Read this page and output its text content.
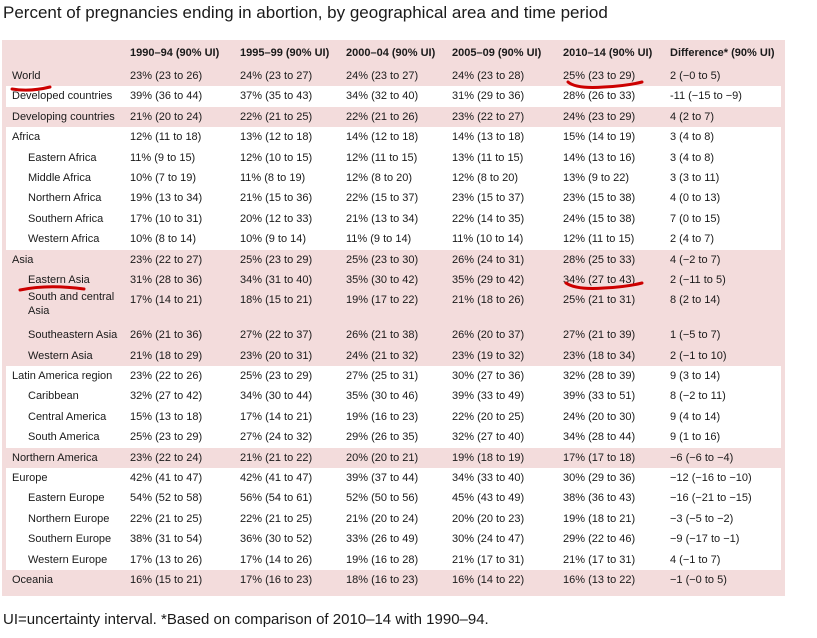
Percent of pregnancies ending in abortion, by geographical area and time period
	1990–94 (90% UI)	1995–99 (90% UI)	2000–04 (90% UI)	2005–09 (90% UI)	2010–14 (90% UI)	Difference* (90% UI)
World	23% (23 to 26)	24% (23 to 27)	24% (23 to 27)	24% (23 to 28)	25% (23 to 29)	2 (−0 to 5)
Developed countries	39% (36 to 44)	37% (35 to 43)	34% (32 to 40)	31% (29 to 36)	28% (26 to 33)	-11 (−15 to −9)
Developing countries	21% (20 to 24)	22% (21 to 25)	22% (21 to 26)	23% (22 to 27)	24% (23 to 29)	4 (2 to 7)
Africa	12% (11 to 18)	13% (12 to 18)	14% (12 to 18)	14% (13 to 18)	15% (14 to 19)	3 (4 to 8)
Eastern Africa	11% (9 to 15)	12% (10 to 15)	12% (11 to 15)	13% (11 to 15)	14% (13 to 16)	3 (4 to 8)
Middle Africa	10% (7 to 19)	11% (8 to 19)	12% (8 to 20)	12% (8 to 20)	13% (9 to 22)	3 (3 to 11)
Northern Africa	19% (13 to 34)	21% (15 to 36)	22% (15 to 37)	23% (15 to 37)	23% (15 to 38)	4 (0 to 13)
Southern Africa	17% (10 to 31)	20% (12 to 33)	21% (13 to 34)	22% (14 to 35)	24% (15 to 38)	7 (0 to 15)
Western Africa	10% (8 to 14)	10% (9 to 14)	11% (9 to 14)	11% (10 to 14)	12% (11 to 15)	2 (4 to 7)
Asia	23% (22 to 27)	25% (23 to 29)	25% (23 to 30)	26% (24 to 31)	28% (25 to 33)	4 (−2 to 7)
Eastern Asia	31% (28 to 36)	34% (31 to 40)	35% (30 to 42)	35% (29 to 42)	34% (27 to 43)	2 (−11 to 5)
South and central Asia	17% (14 to 21)	18% (15 to 21)	19% (17 to 22)	21% (18 to 26)	25% (21 to 31)	8 (2 to 14)
Southeastern Asia	26% (21 to 36)	27% (22 to 37)	26% (21 to 38)	26% (20 to 37)	27% (21 to 39)	1 (−5 to 7)
Western Asia	21% (18 to 29)	23% (20 to 31)	24% (21 to 32)	23% (19 to 32)	23% (18 to 34)	2 (−1 to 10)
Latin America region	23% (22 to 26)	25% (23 to 29)	27% (25 to 31)	30% (27 to 36)	32% (28 to 39)	9 (3 to 14)
Caribbean	32% (27 to 42)	34% (30 to 44)	35% (30 to 46)	39% (33 to 49)	39% (33 to 51)	8 (−2 to 11)
Central America	15% (13 to 18)	17% (14 to 21)	19% (16 to 23)	22% (20 to 25)	24% (20 to 30)	9 (4 to 14)
South America	25% (23 to 29)	27% (24 to 32)	29% (26 to 35)	32% (27 to 40)	34% (28 to 44)	9 (1 to 16)
Northern America	23% (22 to 24)	21% (21 to 22)	20% (20 to 21)	19% (18 to 19)	17% (17 to 18)	−6 (−6 to −4)
Europe	42% (41 to 47)	42% (41 to 47)	39% (37 to 44)	34% (33 to 40)	30% (29 to 36)	−12 (−16 to −10)
Eastern Europe	54% (52 to 58)	56% (54 to 61)	52% (50 to 56)	45% (43 to 49)	38% (36 to 43)	−16 (−21 to −15)
Northern Europe	22% (21 to 25)	22% (21 to 25)	21% (20 to 24)	20% (20 to 23)	19% (18 to 21)	−3 (−5 to −2)
Southern Europe	38% (31 to 54)	36% (30 to 52)	33% (26 to 49)	30% (24 to 47)	29% (22 to 46)	−9 (−17 to −1)
Western Europe	17% (13 to 26)	17% (14 to 26)	19% (16 to 28)	21% (17 to 31)	21% (17 to 31)	4 (−1 to 7)
Oceania	16% (15 to 21)	17% (16 to 23)	18% (16 to 23)	16% (14 to 22)	16% (13 to 22)	−1 (−0 to 5)
UI=uncertainty interval. *Based on comparison of 2010–14 with 1990–94.
